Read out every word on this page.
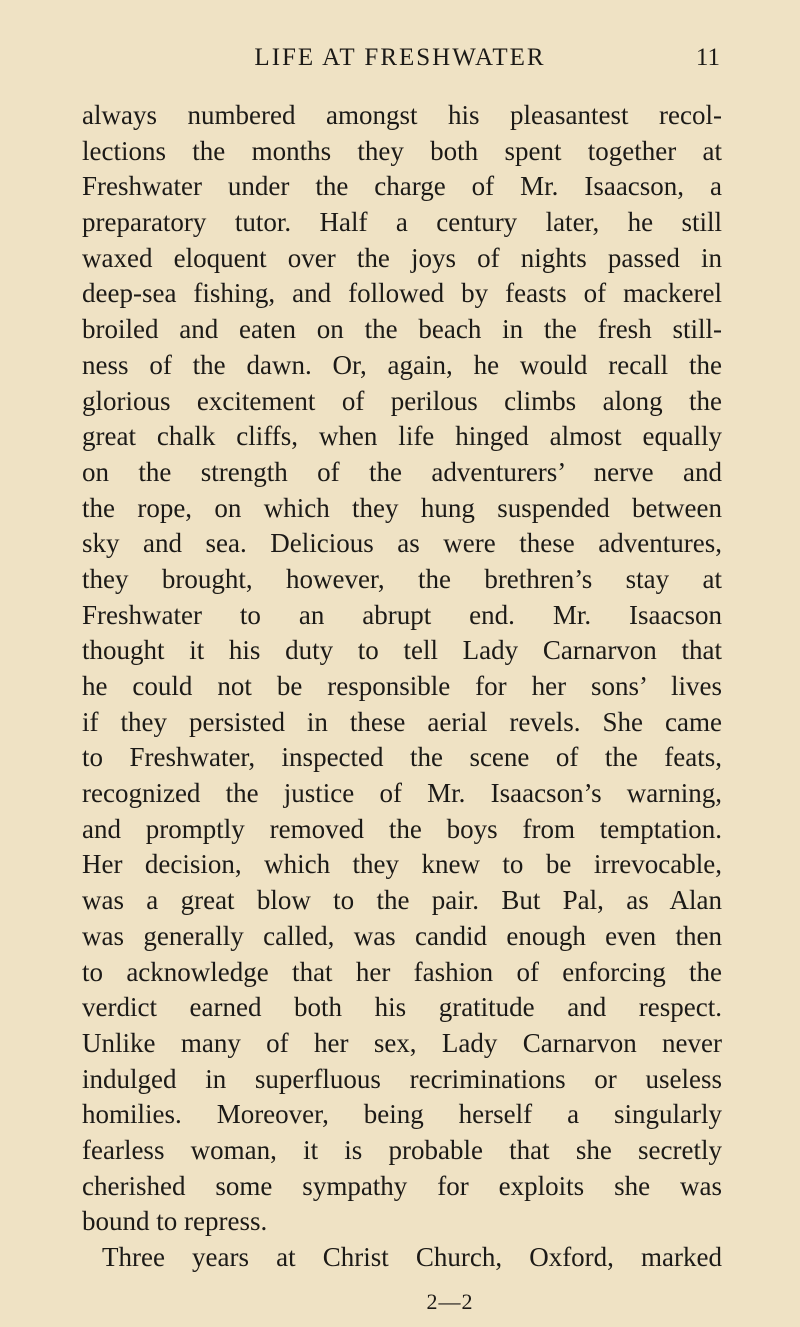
LIFE AT FRESHWATER	11
always numbered amongst his pleasantest recol-
lections the months they both spent together at
Freshwater under the charge of Mr. Isaacson, a
preparatory tutor. Half a century later, he still
waxed eloquent over the joys of nights passed in
deep-sea fishing, and followed by feasts of mackerel
broiled and eaten on the beach in the fresh still-
ness of the dawn. Or, again, he would recall the
glorious excitement of perilous climbs along the
great chalk cliffs, when life hinged almost equally
on the strength of the adventurers’ nerve and
the rope, on which they hung suspended between
sky and sea. Delicious as were these adventures,
they brought, however, the brethren’s stay at
Freshwater to an abrupt end. Mr. Isaacson
thought it his duty to tell Lady Carnarvon that
he could not be responsible for her sons’ lives
if they persisted in these aerial revels. She came
to Freshwater, inspected the scene of the feats,
recognized the justice of Mr. Isaacson’s warning,
and promptly removed the boys from temptation.
Her decision, which they knew to be irrevocable,
was a great blow to the pair. But Pal, as Alan
was generally called, was candid enough even then
to acknowledge that her fashion of enforcing the
verdict earned both his gratitude and respect.
Unlike many of her sex, Lady Carnarvon never
indulged in superfluous recriminations or useless
homilies. Moreover, being herself a singularly
fearless woman, it is probable that she secretly
cherished some sympathy for exploits she was
bound to repress.
Three years at Christ Church, Oxford, marked
2—2
